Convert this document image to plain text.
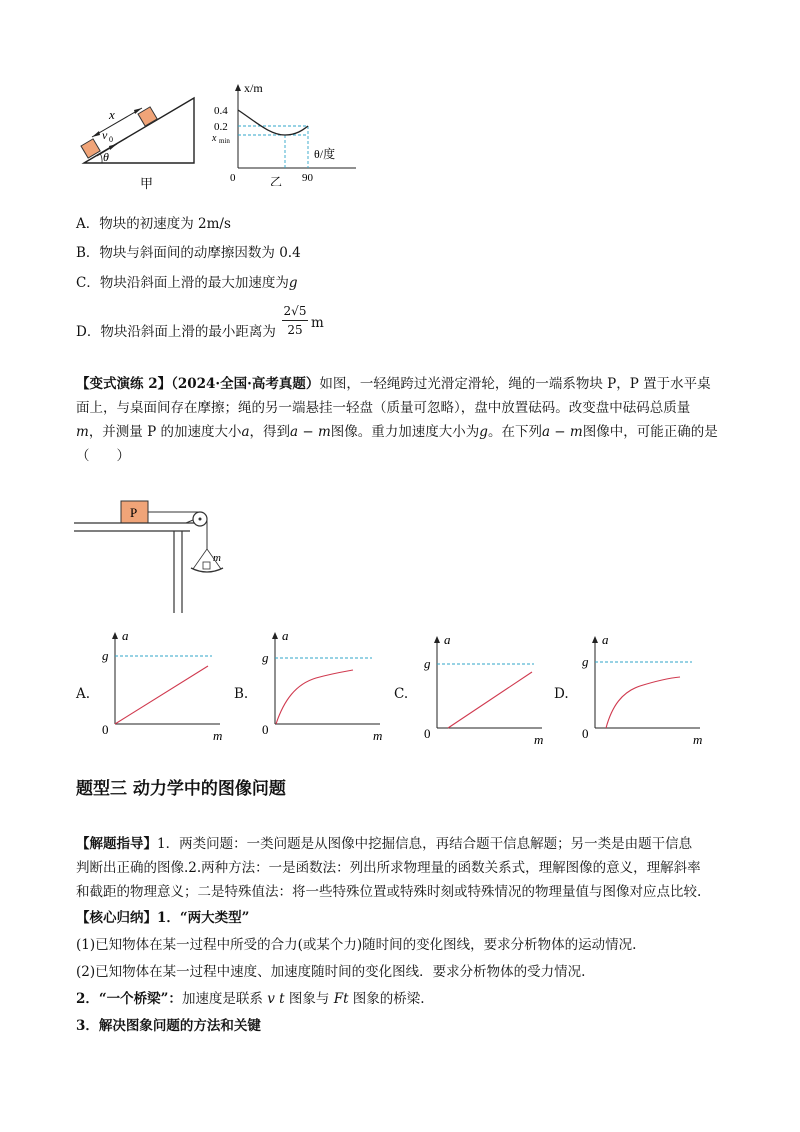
x
v 0
θ
甲
x/m
0.4
0.2
x min
θ/度
0	90
乙
A．物块的初速度为 2m/s
B．物块与斜面间的动摩擦因数为 0.4
C．物块沿斜面上滑的最大加速度为g
D．物块沿斜面上滑的最小距离为
2√5
25 m
【变式演练 2】（2024·全国·高考真题）如图，一轻绳跨过光滑定滑轮，绳的一端系物块 P，P 置于水平桌
面上，与桌面间存在摩擦；绳的另一端悬挂一轻盘（质量可忽略），盘中放置砝码。改变盘中砝码总质量
m，并测量 P 的加速度大小a，得到a − m图像。重力加速度大小为g。在下列a − m图像中，可能正确的是
（　　）
P
m
A.
a
g
0	m
B.
a
g
0	m
C.
a
g
0	m
D.
a
g
0	m
题型三 动力学中的图像问题
【解题指导】1．两类问题：一类问题是从图像中挖掘信息，再结合题干信息解题；另一类是由题干信息
判断出正确的图像.2.两种方法：一是函数法：列出所求物理量的函数关系式，理解图像的意义，理解斜率
和截距的物理意义；二是特殊值法：将一些特殊位置或特殊时刻或特殊情况的物理量值与图像对应点比较.
【核心归纳】1．“两大类型”
(1)已知物体在某一过程中所受的合力(或某个力)随时间的变化图线，要求分析物体的运动情况.
(2)已知物体在某一过程中速度、加速度随时间的变化图线．要求分析物体的受力情况.
2．“一个桥梁”：加速度是联系 v t 图象与 Ft 图象的桥梁.
3．解决图象问题的方法和关键
